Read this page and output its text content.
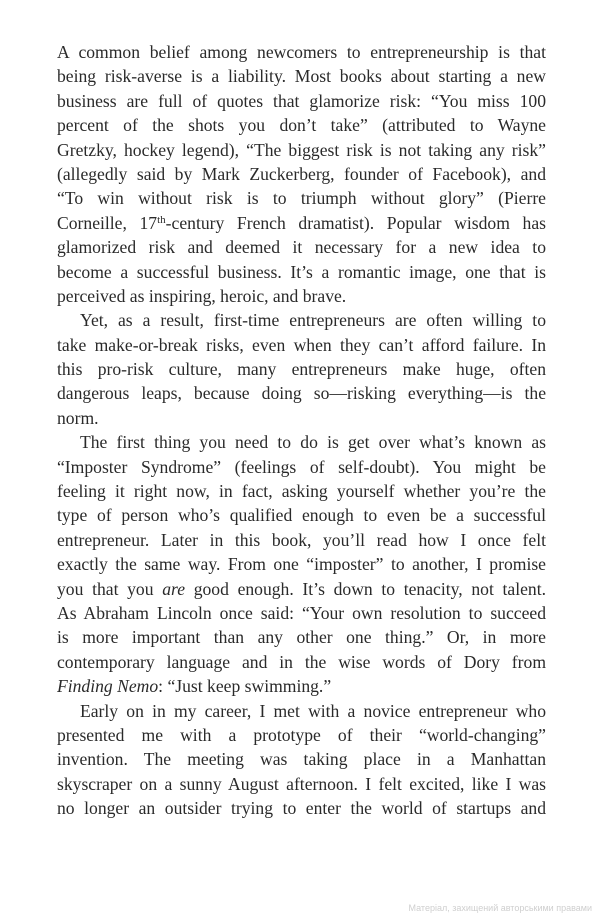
A common belief among newcomers to entrepreneurship is that
being risk-averse is a liability. Most books about starting a new
business are full of quotes that glamorize risk: “You miss 100
percent of the shots you don’t take” (attributed to Wayne
Gretzky, hockey legend), “The biggest risk is not taking any risk”
(allegedly said by Mark Zuckerberg, founder of Facebook), and
“To win without risk is to triumph without glory” (Pierre
Corneille, 17th-century French dramatist). Popular wisdom has
glamorized risk and deemed it necessary for a new idea to
become a successful business. It’s a romantic image, one that is
perceived as inspiring, heroic, and brave.
Yet, as a result, first-time entrepreneurs are often willing to
take make-or-break risks, even when they can’t afford failure. In
this pro-risk culture, many entrepreneurs make huge, often
dangerous leaps, because doing so—risking everything—is the
norm.
The first thing you need to do is get over what’s known as
“Imposter Syndrome” (feelings of self-doubt). You might be
feeling it right now, in fact, asking yourself whether you’re the
type of person who’s qualified enough to even be a successful
entrepreneur. Later in this book, you’ll read how I once felt
exactly the same way. From one “imposter” to another, I promise
you that you are good enough. It’s down to tenacity, not talent.
As Abraham Lincoln once said: “Your own resolution to succeed
is more important than any other one thing.” Or, in more
contemporary language and in the wise words of Dory from
Finding Nemo: “Just keep swimming.”
Early on in my career, I met with a novice entrepreneur who
presented me with a prototype of their “world-changing”
invention. The meeting was taking place in a Manhattan
skyscraper on a sunny August afternoon. I felt excited, like I was
no longer an outsider trying to enter the world of startups and
Матеріал, захищений авторськими правами
